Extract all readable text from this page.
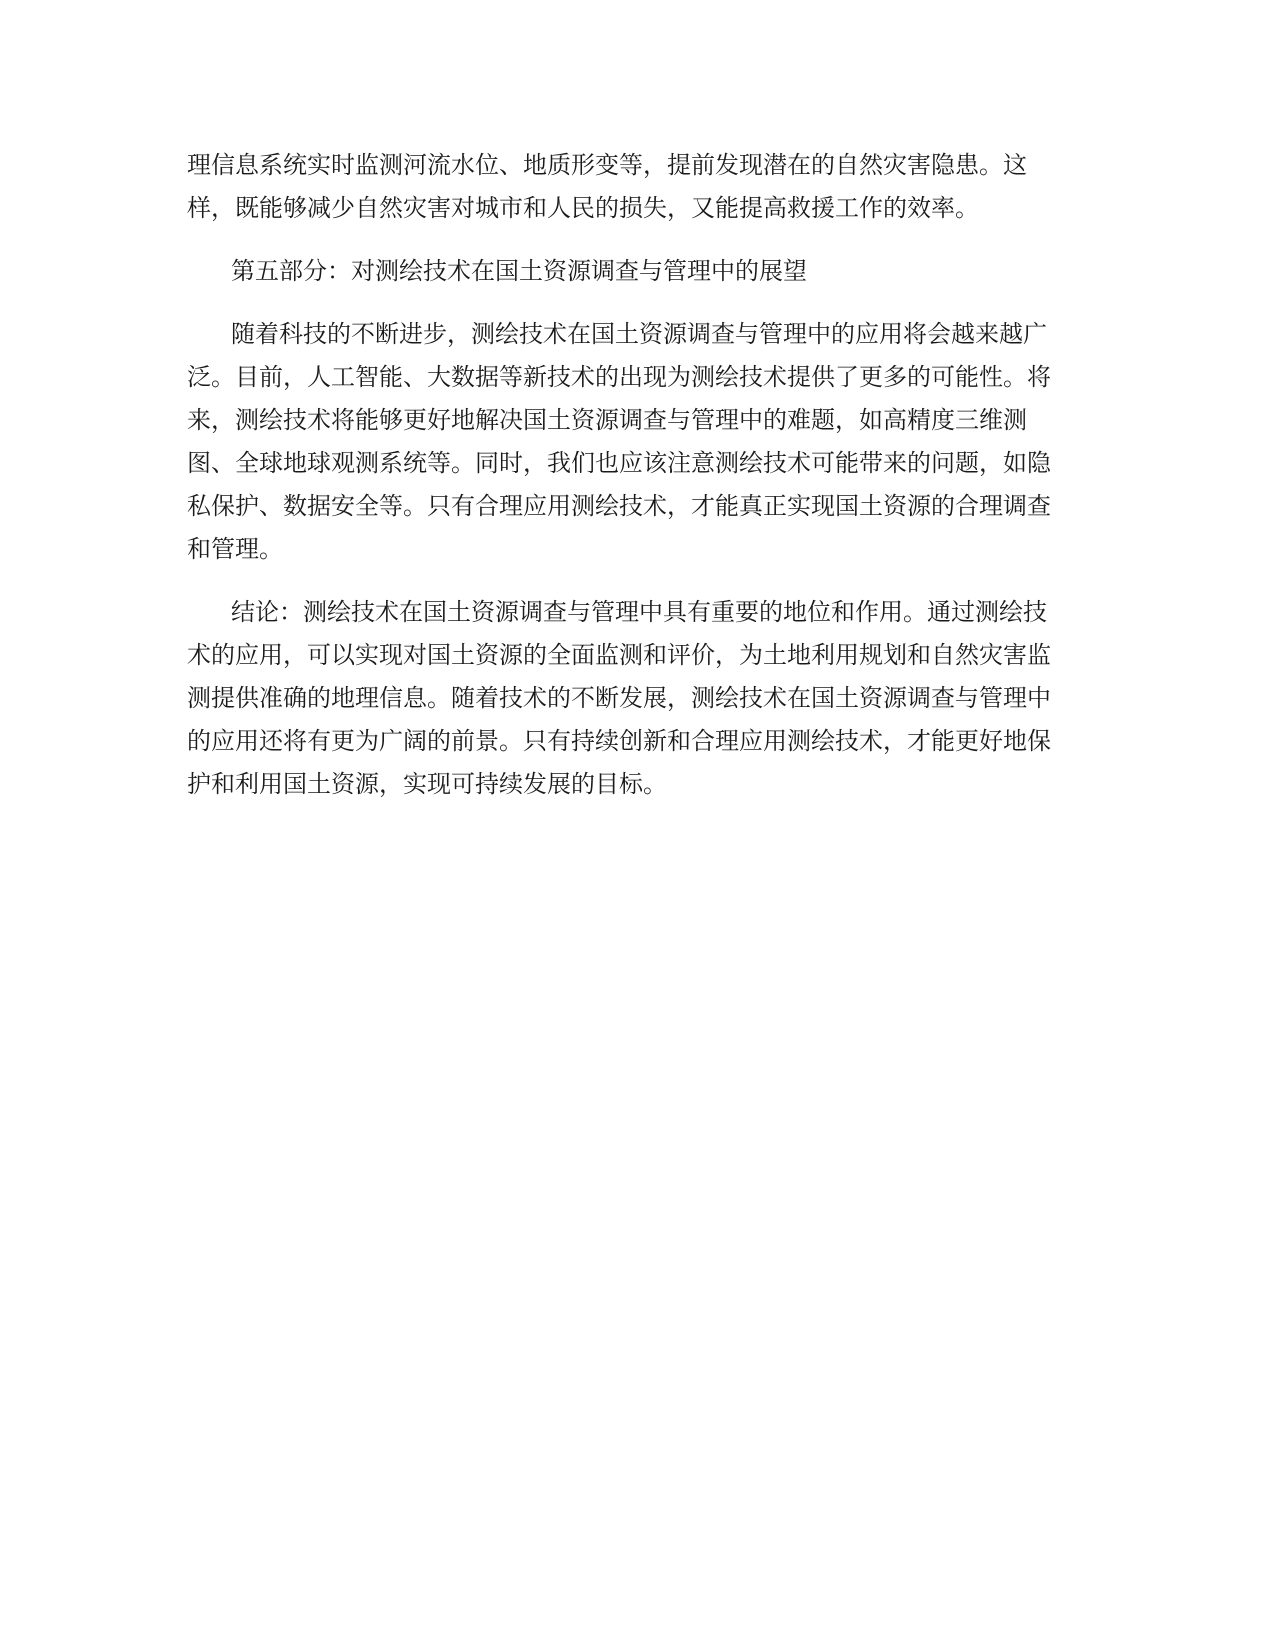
理信息系统实时监测河流水位、地质形变等，提前发现潜在的自然灾害隐患。这
样，既能够减少自然灾害对城市和人民的损失，又能提高救援工作的效率。

第五部分：对测绘技术在国土资源调查与管理中的展望

随着科技的不断进步，测绘技术在国土资源调查与管理中的应用将会越来越广
泛。目前，人工智能、大数据等新技术的出现为测绘技术提供了更多的可能性。将
来，测绘技术将能够更好地解决国土资源调查与管理中的难题，如高精度三维测
图、全球地球观测系统等。同时，我们也应该注意测绘技术可能带来的问题，如隐
私保护、数据安全等。只有合理应用测绘技术，才能真正实现国土资源的合理调查
和管理。

结论：测绘技术在国土资源调查与管理中具有重要的地位和作用。通过测绘技
术的应用，可以实现对国土资源的全面监测和评价，为土地利用规划和自然灾害监
测提供准确的地理信息。随着技术的不断发展，测绘技术在国土资源调查与管理中
的应用还将有更为广阔的前景。只有持续创新和合理应用测绘技术，才能更好地保
护和利用国土资源，实现可持续发展的目标。
